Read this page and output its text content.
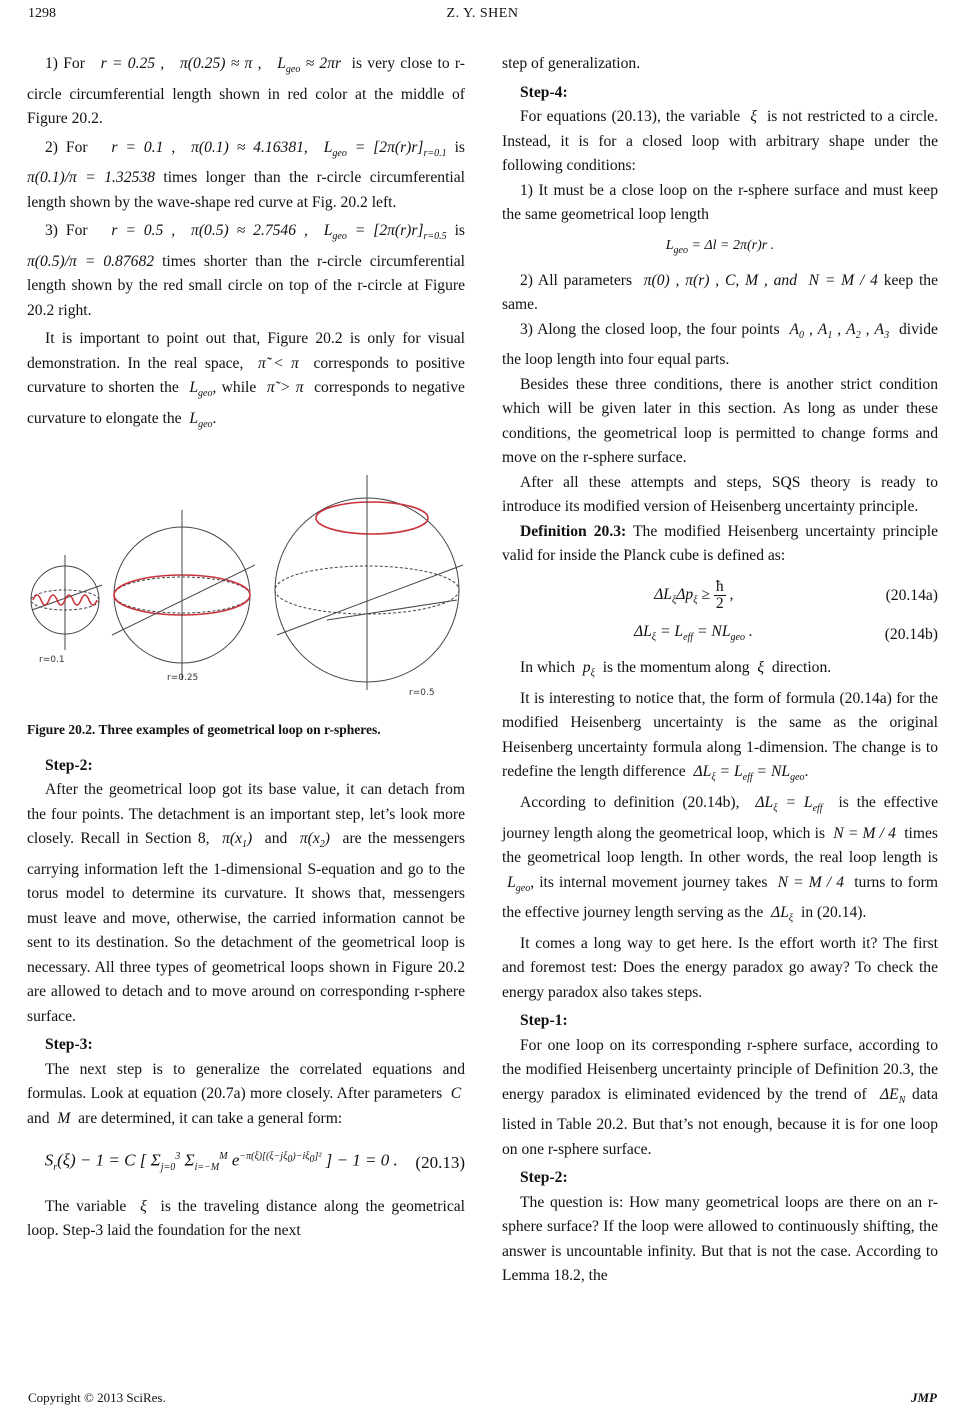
1298	Z. Y. SHEN

1) For   r = 0.25 ,   π(0.25) ≈ π ,   $L_{geo} \approx 2\pi r$  is very close to r-circle circumferential length shown in red color at the middle of Figure 20.2.

2) For   r = 0.1 ,  π(0.1) ≈ 4.16381,  $L_{geo} = [2\pi(r)r]_{r=0.1}$ is π(0.1)/π = 1.32538 times longer than the r-circle circumferential length shown by the wave-shape red curve at Fig. 20.2 left.

3) For   r = 0.5 ,  π(0.5) ≈ 2.7546 ,  $L_{geo} = [2\pi(r)r]_{r=0.5}$ is π(0.5)/π = 0.87682 times shorter than the r-circle circumferential length shown by the red small circle on top of the r-circle at Figure 20.2 right.

It is important to point out that, Figure 20.2 is only for visual demonstration. In the real space,  π̃ < π  corresponds to positive curvature to shorten the  $L_{geo}$, while  π̃ > π  corresponds to negative curvature to elongate the  $L_{geo}$.

r=0.1
r=0.25
r=0.5

Figure 20.2. Three examples of geometrical loop on r-spheres.

Step-2:

After the geometrical loop got its base value, it can detach from the four points. The detachment is an important step, let’s look more closely. Recall in Section 8,  $\pi(x_1)$  and  $\pi(x_2)$  are the messengers carrying information left the 1-dimensional S-equation and go to the torus model to determine its curvature. It shows that, messengers must leave and move, otherwise, the carried information cannot be sent to its destination. So the detachment of the geometrical loop is necessary. All three types of geometrical loops shown in Figure 20.2 are allowed to detach and to move around on corresponding r-sphere surface.

Step-3:

The next step is to generalize the correlated equations and formulas. Look at equation (20.7a) more closely. After parameters  C  and  M  are determined, it can take a general form:

$S_r(\xi) - 1 = C$ [ $\Sigma_{j=0}^3$ $\Sigma_{i=-M}^M$ $e^{-\pi(\xi)[(\xi-j\xi_0)-i\xi_0]^2}$ ] − 1 = 0 .	(20.13)

The variable  ξ  is the traveling distance along the geometrical loop. Step-3 laid the foundation for the next

step of generalization.

Step-4:

For equations (20.13), the variable  ξ  is not restricted to a circle. Instead, it is for a closed loop with arbitrary shape under the following conditions:

1) It must be a close loop on the r-sphere surface and must keep the same geometrical loop length

$L_{geo} = \Delta l = 2\pi(r)r$ .

2) All parameters  π(0) , π(r) , C, M , and  N = M / 4 keep the same.

3) Along the closed loop, the four points  $A_0$ , $A_1$ , $A_2$ , $A_3$ divide the loop length into four equal parts.

Besides these three conditions, there is another strict condition which will be given later in this section. As long as under these conditions, the geometrical loop is permitted to change forms and move on the r-sphere surface.

After all these attempts and steps, SQS theory is ready to introduce its modified version of Heisenberg uncertainty principle.

Definition 20.3: The modified Heisenberg uncertainty principle valid for inside the Planck cube is defined as:

$\Delta L_\xi\Delta p_\xi \ge \frac{ħ}{2}$ ,	(20.14a)
$\Delta L_\xi = L_{eff} = NL_{geo}$ .	(20.14b)

In which  $p_\xi$ is the momentum along  ξ  direction.

It is interesting to notice that, the form of formula (20.14a) for the modified Heisenberg uncertainty is the same as the original Heisenberg uncertainty formula along 1-dimension. The change is to redefine the length difference  $\Delta L_\xi = L_{eff} = NL_{geo}$.

According to definition (20.14b),  $\Delta L_\xi = L_{eff}$ is the effective journey length along the geometrical loop, which is  N = M / 4  times the geometrical loop length. In other words, the real loop length is  $L_{geo}$, its internal movement journey takes  N = M / 4  turns to form the effective journey length serving as the  $\Delta L_\xi$ in (20.14).

It comes a long way to get here. Is the effort worth it? The first and foremost test: Does the energy paradox go away? To check the energy paradox also takes steps.

Step-1:

For one loop on its corresponding r-sphere surface, according to the modified Heisenberg uncertainty principle of Definition 20.3, the energy paradox is eliminated evidenced by the trend of  $\Delta E_N$ data listed in Table 20.2. But that’s not enough, because it is for one loop on one r-sphere surface.

Step-2:

The question is: How many geometrical loops are there on an r-sphere surface? If the loop were allowed to continuously shifting, the answer is uncountable infinity. But that is not the case. According to Lemma 18.2, the

Copyright © 2013 SciRes.	JMP
